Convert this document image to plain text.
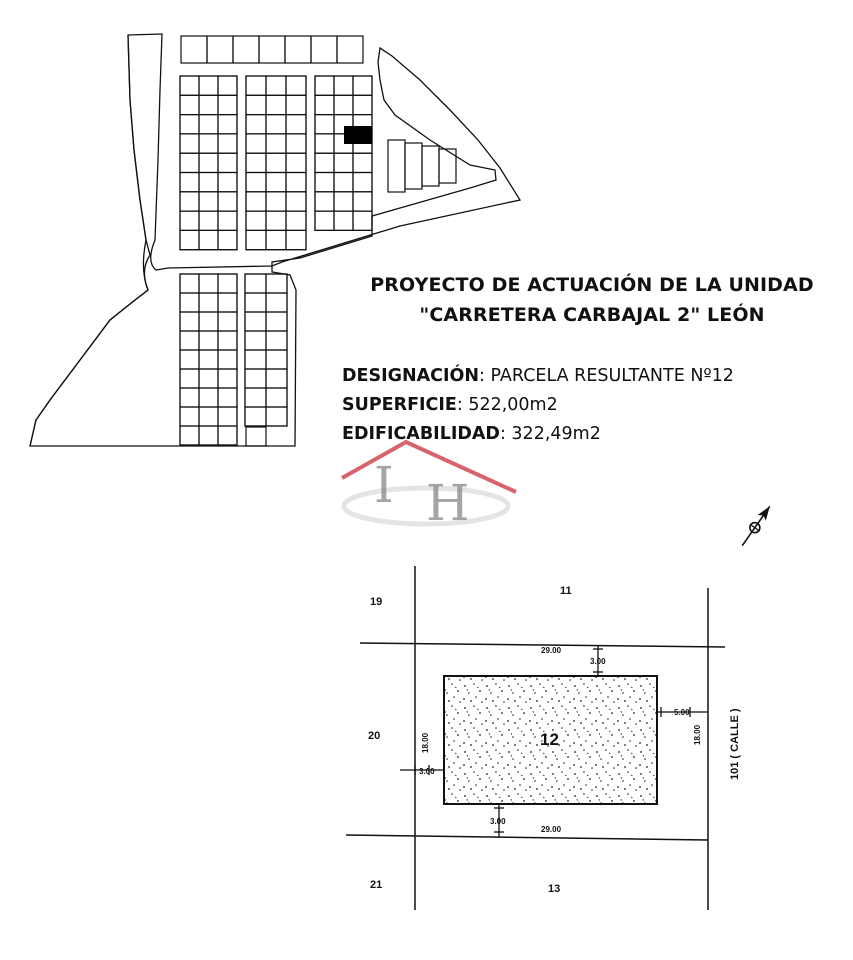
PROYECTO DE ACTUACIÓN DE LA UNIDAD
"CARRETERA CARBAJAL 2" LEÓN
DESIGNACIÓN: PARCELA RESULTANTE Nº12
SUPERFICIE: 522,00m2
EDIFICABILIDAD: 322,49m2
I H
12
19
11
20
21	13
101 ( CALLE )
29.00
3.00
29.00
3.00
18.00
3.00
18.00
5.00
